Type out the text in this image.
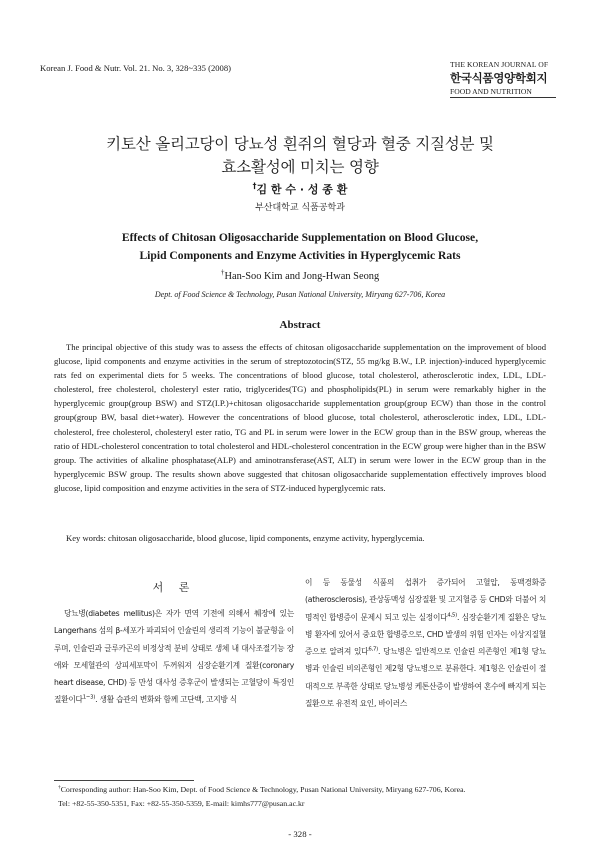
Korean J. Food & Nutr. Vol. 21. No. 3, 328~335 (2008)	THE KOREAN JOURNAL OF
한국식품영양학회지
FOOD AND NUTRITION
키토산 올리고당이 당뇨성 흰쥐의 혈당과 혈중 지질성분 및
효소활성에 미치는 영향
†김 한 수 · 성 종 환
부산대학교 식품공학과
Effects of Chitosan Oligosaccharide Supplementation on Blood Glucose,
Lipid Components and Enzyme Activities in Hyperglycemic Rats
†Han-Soo Kim and Jong-Hwan Seong
Dept. of Food Science & Technology, Pusan National University, Miryang 627-706, Korea
Abstract

The principal objective of this study was to assess the effects of chitosan oligosaccharide supplementation on the improvement of blood glucose, lipid components and enzyme activities in the serum of streptozotocin(STZ, 55 mg/kg B.W., I.P. injection)-induced hyperglycemic rats fed on experimental diets for 5 weeks. The concentrations of blood glucose, total cholesterol, atherosclerotic index, LDL, LDL-cholesterol, free cholesterol, cholesteryl ester ratio, triglycerides(TG) and phospholipids(PL) in serum were remarkably higher in the hyperglycemic group(group BSW) and STZ(I.P.)+chitosan oligosaccharide supplementation group(group ECW) than those in the control group(group BW, basal diet+water). However the concentrations of blood glucose, total cholesterol, atherosclerotic index, LDL, LDL-cholesterol, free cholesterol, cholesteryl ester ratio, TG and PL in serum were lower in the ECW group than in the BSW group, whereas the ratio of HDL-cholesterol concentration to total cholesterol and HDL-cholesterol concentration in the ECW group were higher than in the BSW group. The activities of alkaline phosphatase(ALP) and aminotransferase(AST, ALT) in serum were lower in the ECW group than in the hyperglycemic BSW group. The results shown above suggested that chitosan oligosaccharide supplementation effectively improves blood glucose, lipid composition and enzyme activities in the sera of STZ-induced hyperglycemic rats.

Key words: chitosan oligosaccharide, blood glucose, lipid components, enzyme activity, hyperglycemia.
서 론

당뇨병(diabetes mellitus)은 자가 면역 기전에 의해서 췌장에 있는 Langerhans 섬의 β-세포가 파괴되어 인슐린의 생리적 기능이 불균형을 이루며, 인슐린과 글루카곤의 비정상적 분비 상태로 생체 내 대사조절기능 장애와 모세혈관의 상피세포막이 두꺼워져 심장순환기계 질환(coronary heart disease, CHD) 등 만성 대사성 증후군이 발생되는 고혈당이 특징인 질환이다$^{1\sim 3)}$. 생활 습관의 변화와 함께 고단백, 고지방 식

이 등 동물성 식품의 섭취가 증가되어 고혈압, 동맥경화증(atherosclerosis), 관상동맥성 심장질환 및 고지혈증 등 CHD와 더불어 치명적인 합병증이 문제시 되고 있는 실정이다$^{4,5)}$. 심장순환기계 질환은 당뇨병 환자에 있어서 중요한 합병증으로, CHD 발생의 위험 인자는 이상지질혈증으로 알려져 있다$^{6,7)}$. 당뇨병은 일반적으로 인슐린 의존형인 제1형 당뇨병과 인슐린 비의존형인 제2형 당뇨병으로 분류한다. 제1형은 인슐린이 절대적으로 부족한 상태로 당뇨병성 케톤산증이 발생하여 혼수에 빠지게 되는 질환으로 유전적 요인, 바이러스

†Corresponding author: Han-Soo Kim, Dept. of Food Science & Technology, Pusan National University, Miryang 627-706, Korea.
Tel: +82-55-350-5351, Fax: +82-55-350-5359, E-mail: kimhs777@pusan.ac.kr
- 328 -
